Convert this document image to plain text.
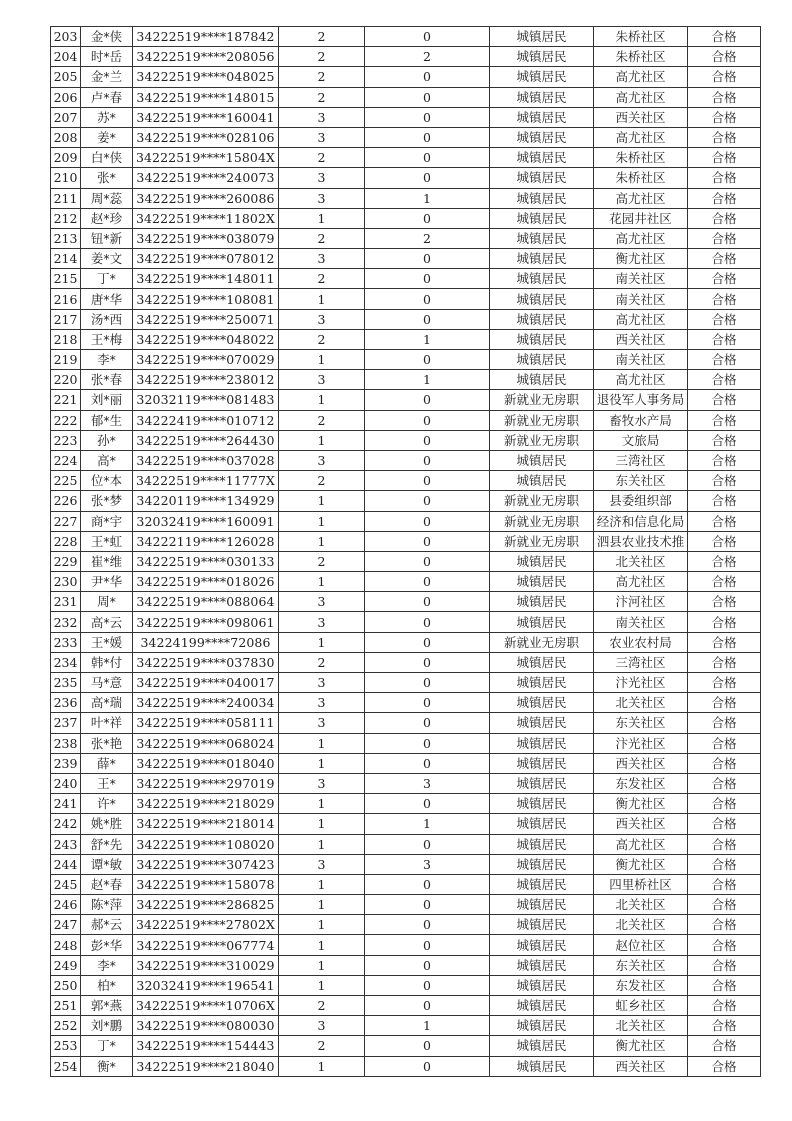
203	金*侠	34222519****187842	2	0	城镇居民	朱桥社区	合格
204	时*岳	34222519****208056	2	2	城镇居民	朱桥社区	合格
205	金*兰	34222519****048025	2	0	城镇居民	高尤社区	合格
206	卢*春	34222519****148015	2	0	城镇居民	高尤社区	合格
207	苏*	34222519****160041	3	0	城镇居民	西关社区	合格
208	姜*	34222519****028106	3	0	城镇居民	高尤社区	合格
209	白*侠	34222519****15804X	2	0	城镇居民	朱桥社区	合格
210	张*	34222519****240073	3	0	城镇居民	朱桥社区	合格
211	周*蕊	34222519****260086	3	1	城镇居民	高尤社区	合格
212	赵*珍	34222519****11802X	1	0	城镇居民	花园井社区	合格
213	钮*新	34222519****038079	2	2	城镇居民	高尤社区	合格
214	姜*文	34222519****078012	3	0	城镇居民	衡尤社区	合格
215	丁*	34222519****148011	2	0	城镇居民	南关社区	合格
216	唐*华	34222519****108081	1	0	城镇居民	南关社区	合格
217	汤*西	34222519****250071	3	0	城镇居民	高尤社区	合格
218	王*梅	34222519****048022	2	1	城镇居民	西关社区	合格
219	李*	34222519****070029	1	0	城镇居民	南关社区	合格
220	张*春	34222519****238012	3	1	城镇居民	高尤社区	合格
221	刘*丽	32032119****081483	1	0	新就业无房职	退役军人事务局	合格
222	郁*生	34222419****010712	2	0	新就业无房职	畜牧水产局	合格
223	孙*	34222519****264430	1	0	新就业无房职	文旅局	合格
224	高*	34222519****037028	3	0	城镇居民	三湾社区	合格
225	位*本	34222519****11777X	2	0	城镇居民	东关社区	合格
226	张*梦	34220119****134929	1	0	新就业无房职	县委组织部	合格
227	商*宇	32032419****160091	1	0	新就业无房职	经济和信息化局	合格
228	王*虹	34222119****126028	1	0	新就业无房职	泗县农业技术推	合格
229	崔*维	34222519****030133	2	0	城镇居民	北关社区	合格
230	尹*华	34222519****018026	1	0	城镇居民	高尤社区	合格
231	周*	34222519****088064	3	0	城镇居民	汴河社区	合格
232	高*云	34222519****098061	3	0	城镇居民	南关社区	合格
233	王*媛	34224199****72086	1	0	新就业无房职	农业农村局	合格
234	韩*付	34222519****037830	2	0	城镇居民	三湾社区	合格
235	马*意	34222519****040017	3	0	城镇居民	汴光社区	合格
236	高*瑞	34222519****240034	3	0	城镇居民	北关社区	合格
237	叶*祥	34222519****058111	3	0	城镇居民	东关社区	合格
238	张*艳	34222519****068024	1	0	城镇居民	汴光社区	合格
239	薛*	34222519****018040	1	0	城镇居民	西关社区	合格
240	王*	34222519****297019	3	3	城镇居民	东发社区	合格
241	许*	34222519****218029	1	0	城镇居民	衡尤社区	合格
242	姚*胜	34222519****218014	1	1	城镇居民	西关社区	合格
243	舒*先	34222519****108020	1	0	城镇居民	高尤社区	合格
244	谭*敏	34222519****307423	3	3	城镇居民	衡尤社区	合格
245	赵*春	34222519****158078	1	0	城镇居民	四里桥社区	合格
246	陈*萍	34222519****286825	1	0	城镇居民	北关社区	合格
247	郝*云	34222519****27802X	1	0	城镇居民	北关社区	合格
248	彭*华	34222519****067774	1	0	城镇居民	赵位社区	合格
249	李*	34222519****310029	1	0	城镇居民	东关社区	合格
250	柏*	32032419****196541	1	0	城镇居民	东发社区	合格
251	郭*燕	34222519****10706X	2	0	城镇居民	虹乡社区	合格
252	刘*鹏	34222519****080030	3	1	城镇居民	北关社区	合格
253	丁*	34222519****154443	2	0	城镇居民	衡尤社区	合格
254	衡*	34222519****218040	1	0	城镇居民	西关社区	合格
